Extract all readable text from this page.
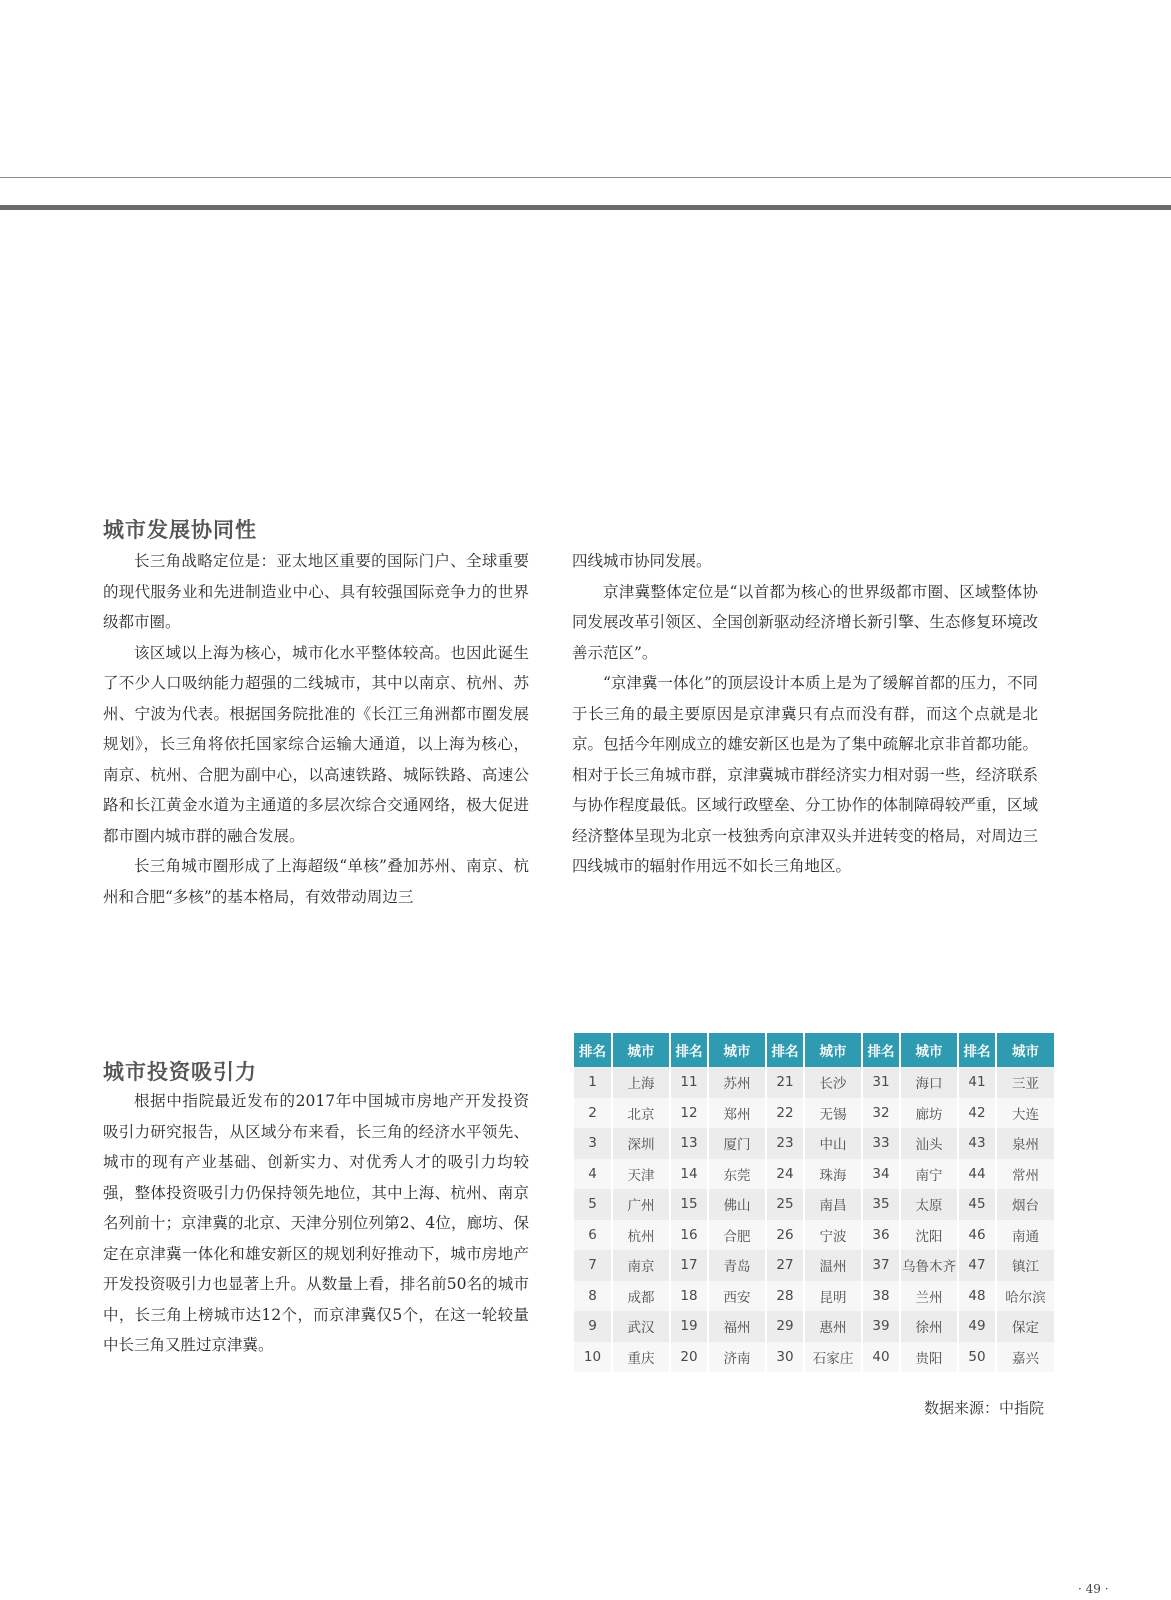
城市发展协同性

长三角战略定位是：亚太地区重要的国际门户、全球重要的现代服务业和先进制造业中心、具有较强国际竞争力的世界级都市圈。

该区域以上海为核心，城市化水平整体较高。也因此诞生了不少人口吸纳能力超强的二线城市，其中以南京、杭州、苏州、宁波为代表。根据国务院批准的《长江三角洲都市圈发展规划》，长三角将依托国家综合运输大通道，以上海为核心，南京、杭州、合肥为副中心，以高速铁路、城际铁路、高速公路和长江黄金水道为主通道的多层次综合交通网络，极大促进都市圈内城市群的融合发展。

长三角城市圈形成了上海超级“单核”叠加苏州、南京、杭州和合肥“多核”的基本格局，有效带动周边三

四线城市协同发展。

京津冀整体定位是“以首都为核心的世界级都市圈、区域整体协同发展改革引领区、全国创新驱动经济增长新引擎、生态修复环境改善示范区”。

“京津冀一体化”的顶层设计本质上是为了缓解首都的压力，不同于长三角的最主要原因是京津冀只有点而没有群，而这个点就是北京。包括今年刚成立的雄安新区也是为了集中疏解北京非首都功能。相对于长三角城市群，京津冀城市群经济实力相对弱一些，经济联系与协作程度最低。区域行政壁垒、分工协作的体制障碍较严重，区域经济整体呈现为北京一枝独秀向京津双头并进转变的格局，对周边三四线城市的辐射作用远不如长三角地区。

城市投资吸引力

根据中指院最近发布的2017年中国城市房地产开发投资吸引力研究报告，从区域分布来看，长三角的经济水平领先、城市的现有产业基础、创新实力、对优秀人才的吸引力均较强，整体投资吸引力仍保持领先地位，其中上海、杭州、南京名列前十；京津冀的北京、天津分别位列第2、4位，廊坊、保定在京津冀一体化和雄安新区的规划利好推动下，城市房地产开发投资吸引力也显著上升。从数量上看，排名前50名的城市中，长三角上榜城市达12个，而京津冀仅5个，在这一轮较量中长三角又胜过京津冀。

排名	城市	排名	城市	排名	城市	排名	城市	排名	城市
1	上海	11	苏州	21	长沙	31	海口	41	三亚
2	北京	12	郑州	22	无锡	32	廊坊	42	大连
3	深圳	13	厦门	23	中山	33	汕头	43	泉州
4	天津	14	东莞	24	珠海	34	南宁	44	常州
5	广州	15	佛山	25	南昌	35	太原	45	烟台
6	杭州	16	合肥	26	宁波	36	沈阳	46	南通
7	南京	17	青岛	27	温州	37	乌鲁木齐	47	镇江
8	成都	18	西安	28	昆明	38	兰州	48	哈尔滨
9	武汉	19	福州	29	惠州	39	徐州	49	保定
10	重庆	20	济南	30	石家庄	40	贵阳	50	嘉兴

数据来源：中指院

· 49 ·
